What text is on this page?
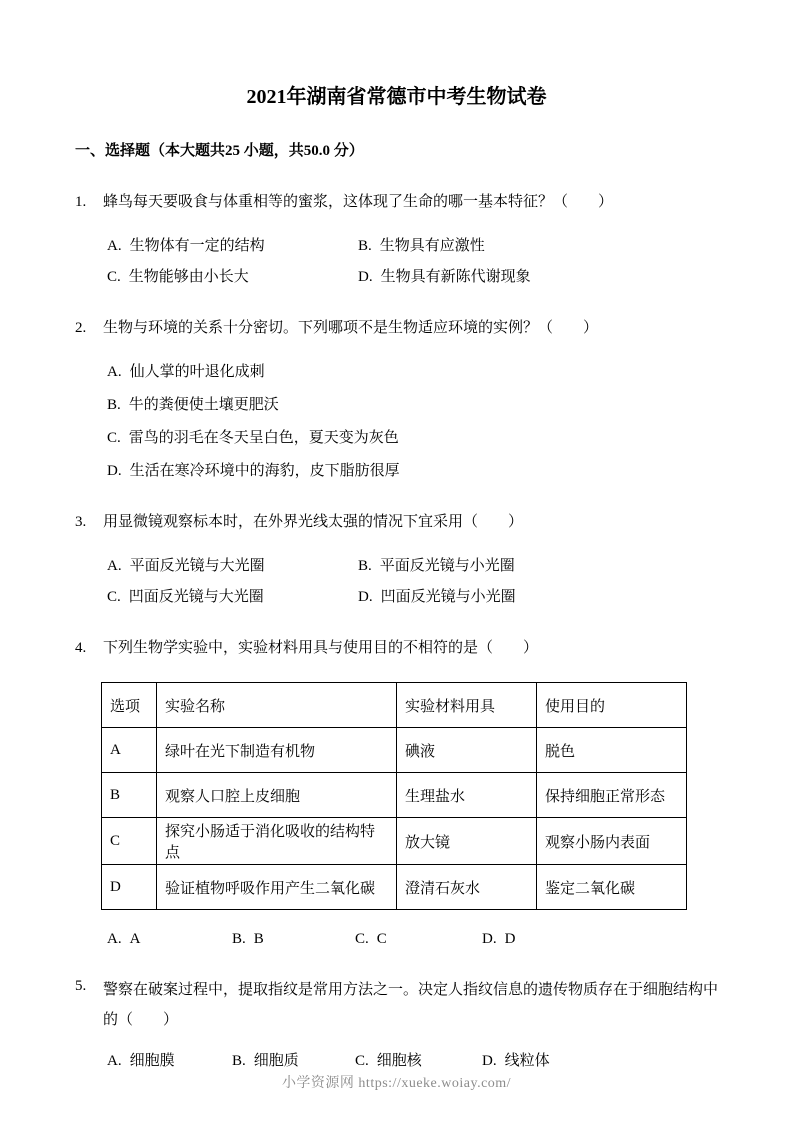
2021年湖南省常德市中考生物试卷
一、选择题（本大题共25 小题，共50.0 分）
1. 蜂鸟每天要吸食与体重相等的蜜浆，这体现了生命的哪一基本特征？（　　）
A. 生物体有一定的结构	B. 生物具有应激性
C. 生物能够由小长大	D. 生物具有新陈代谢现象
2. 生物与环境的关系十分密切。下列哪项不是生物适应环境的实例？（　　）
A. 仙人掌的叶退化成刺
B. 牛的粪便使土壤更肥沃
C. 雷鸟的羽毛在冬天呈白色，夏天变为灰色
D. 生活在寒冷环境中的海豹，皮下脂肪很厚
3. 用显微镜观察标本时，在外界光线太强的情况下宜采用（　　）
A. 平面反光镜与大光圈	B. 平面反光镜与小光圈
C. 凹面反光镜与大光圈	D. 凹面反光镜与小光圈
4. 下列生物学实验中，实验材料用具与使用目的不相符的是（　　）
选项	实验名称	实验材料用具	使用目的
A	绿叶在光下制造有机物	碘液	脱色
B	观察人口腔上皮细胞	生理盐水	保持细胞正常形态
C	探究小肠适于消化吸收的结构特点	放大镜	观察小肠内表面
D	验证植物呼吸作用产生二氧化碳	澄清石灰水	鉴定二氧化碳
A. A	B. B	C. C	D. D
5. 警察在破案过程中，提取指纹是常用方法之一。决定人指纹信息的遗传物质存在于细胞结构中的（　　）
A. 细胞膜	B. 细胞质	C. 细胞核	D. 线粒体
小学资源网 https://xueke.woiay.com/
